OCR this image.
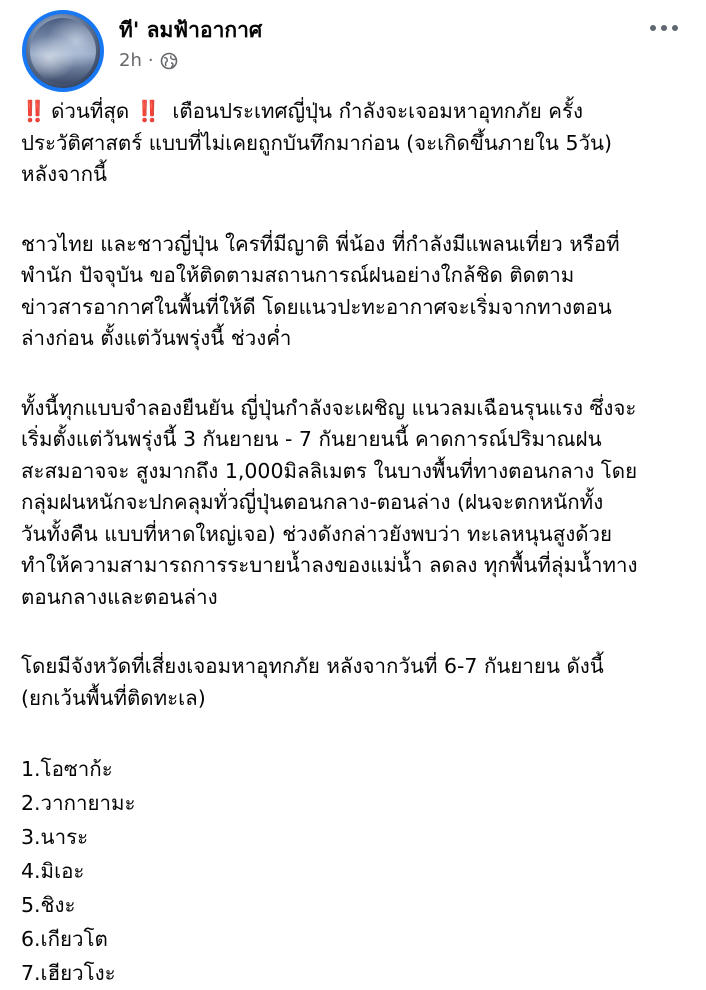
ที' ลมฟ้าอากาศ
2h ·

‼️ ด่วนที่สุด ‼️ เตือนประเทศญี่ปุ่น กำลังจะเจอมหาอุทกภัย ครั้ง
ประวัติศาสตร์ แบบที่ไม่เคยถูกบันทึกมาก่อน (จะเกิดขึ้นภายใน 5วัน)
หลังจากนี้

ชาวไทย และชาวญี่ปุ่น ใครที่มีญาติ พี่น้อง ที่กำลังมีแพลนเที่ยว หรือที่
พำนัก ปัจจุบัน ขอให้ติดตามสถานการณ์ฝนอย่างใกล้ชิด ติดตาม
ข่าวสารอากาศในพื้นที่ให้ดี โดยแนวปะทะอากาศจะเริ่มจากทางตอน
ล่างก่อน ตั้งแต่วันพรุ่งนี้ ช่วงค่ำ

ทั้งนี้ทุกแบบจำลองยืนยัน ญี่ปุ่นกำลังจะเผชิญ แนวลมเฉือนรุนแรง ซึ่งจะ
เริ่มตั้งแต่วันพรุ่งนี้ 3 กันยายน - 7 กันยายนนี้ คาดการณ์ปริมาณฝน
สะสมอาจจะ สูงมากถึง 1,000มิลลิเมตร ในบางพื้นที่ทางตอนกลาง โดย
กลุ่มฝนหนักจะปกคลุมทั่วญี่ปุ่นตอนกลาง-ตอนล่าง (ฝนจะตกหนักทั้ง
วันทั้งคืน แบบที่หาดใหญ่เจอ) ช่วงดังกล่าวยังพบว่า ทะเลหนุนสูงด้วย
ทำให้ความสามารถการระบายน้ำลงของแม่น้ำ ลดลง ทุกพื้นที่ลุ่มน้ำทาง
ตอนกลางและตอนล่าง

โดยมีจังหวัดที่เสี่ยงเจอมหาอุทกภัย หลังจากวันที่ 6-7 กันยายน ดังนี้
(ยกเว้นพื้นที่ติดทะเล)

1.โอซาก้ะ
2.วากายามะ
3.นาระ
4.มิเอะ
5.ชิงะ
6.เกียวโต
7.เฮียวโงะ
